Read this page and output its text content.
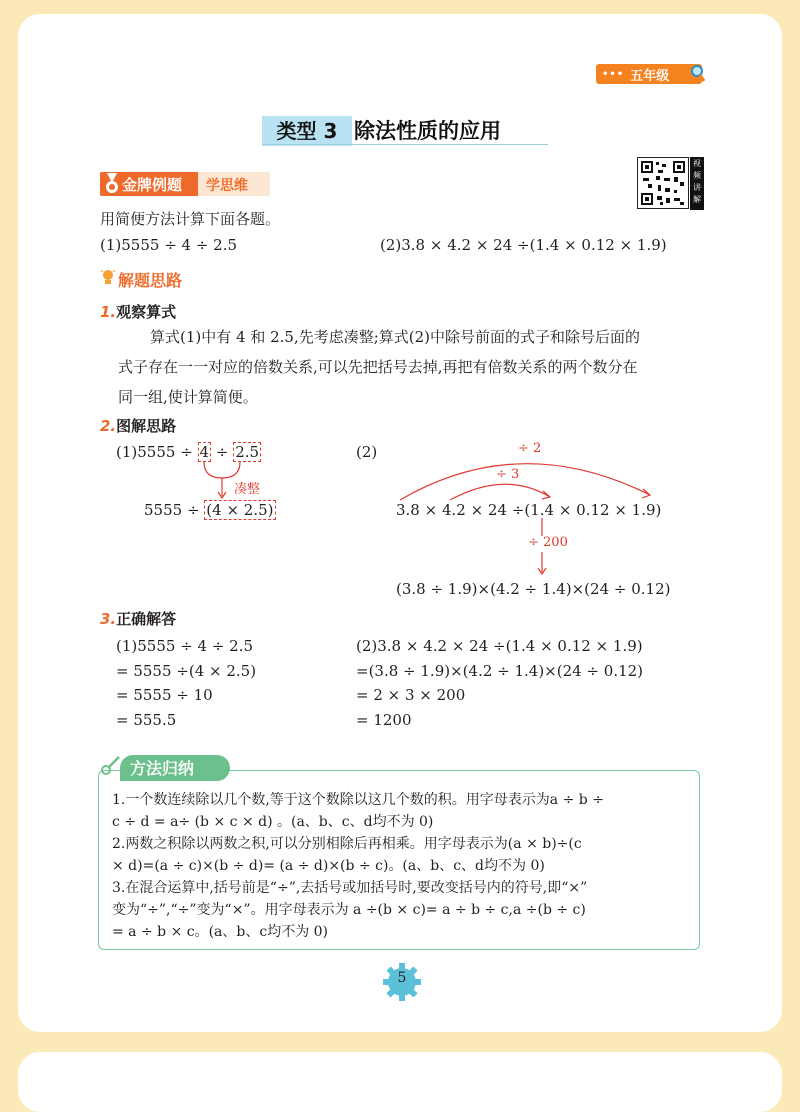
••• 五年级
类型 3 除法性质的应用
金牌例题 学思维
视
频
讲
解
用简便方法计算下面各题。
(1)5555 ÷ 4 ÷ 2.5	(2)3.8 × 4.2 × 24 ÷(1.4 × 0.12 × 1.9)
解题思路
1.观察算式
算式(1)中有 4 和 2.5,先考虑凑整;算式(2)中除号前面的式子和除号后面的
式子存在一一对应的倍数关系,可以先把括号去掉,再把有倍数关系的两个数分在
同一组,使计算简便。
2.图解思路
(1)5555 ÷ 4 ÷ 2.5
凑整
5555 ÷ (4 × 2.5)
(2)	÷ 2
÷ 3
3.8 × 4.2 × 24 ÷(1.4 × 0.12 × 1.9)
÷ 200
(3.8 ÷ 1.9)×(4.2 ÷ 1.4)×(24 ÷ 0.12)
3.正确解答
(1)5555 ÷ 4 ÷ 2.5
= 5555 ÷(4 × 2.5)
= 5555 ÷ 10
= 555.5
(2)3.8 × 4.2 × 24 ÷(1.4 × 0.12 × 1.9)
=(3.8 ÷ 1.9)×(4.2 ÷ 1.4)×(24 ÷ 0.12)
= 2 × 3 × 200
= 1200
方法归纳
1.一个数连续除以几个数,等于这个数除以这几个数的积。用字母表示为a ÷ b ÷
c ÷ d = a÷ (b × c × d) 。(a、b、c、d均不为 0)
2.两数之积除以两数之积,可以分别相除后再相乘。用字母表示为(a × b)÷(c
× d)=(a ÷ c)×(b ÷ d)= (a ÷ d)×(b ÷ c)。(a、b、c、d均不为 0)
3.在混合运算中,括号前是“÷”,去括号或加括号时,要改变括号内的符号,即“×”
变为“÷”,“÷”变为“×”。用字母表示为 a ÷(b × c)= a ÷ b ÷ c,a ÷(b ÷ c)
= a ÷ b × c。(a、b、c均不为 0)
5
